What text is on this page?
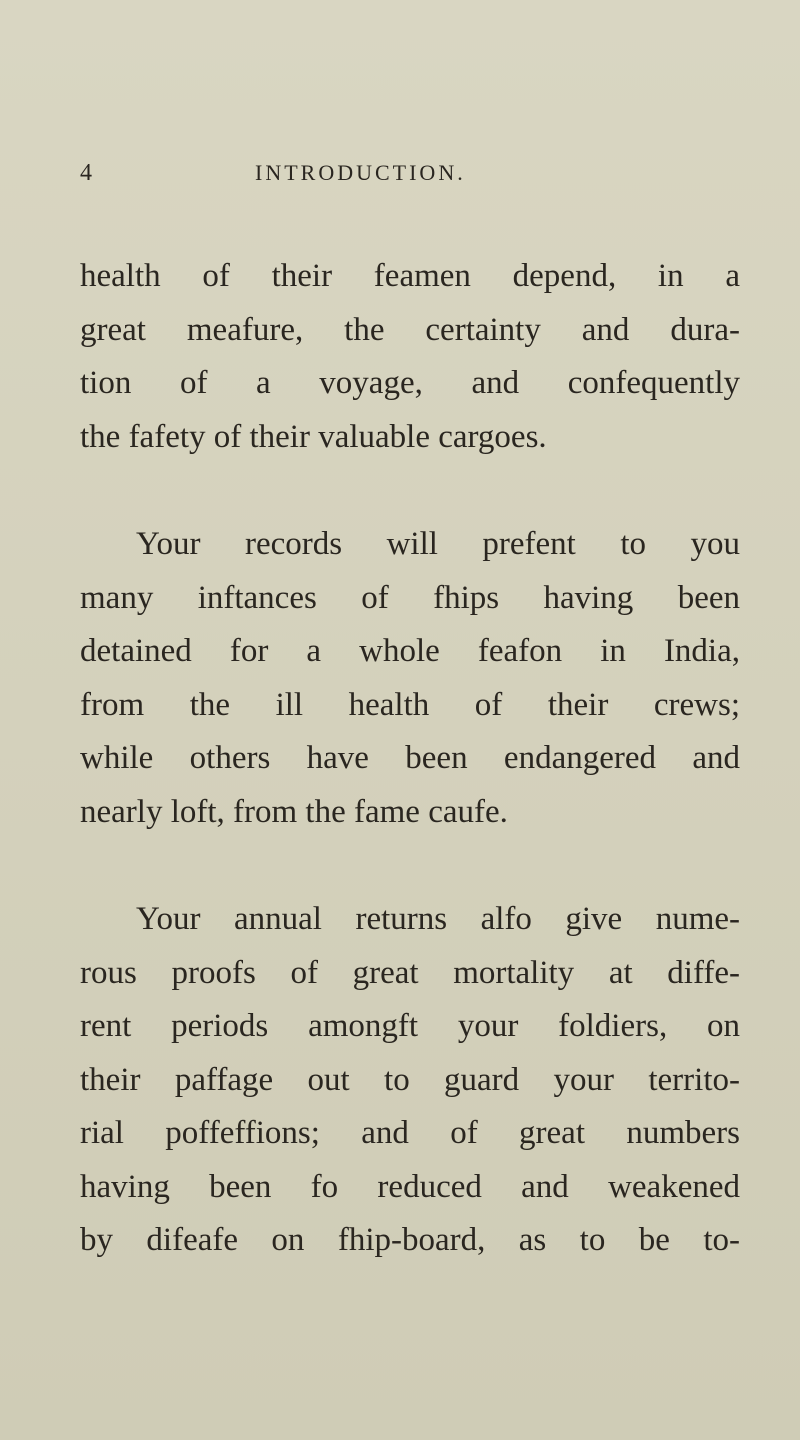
4	INTRODUCTION.
health of their feamen depend, in a
great meafure, the certainty and dura-
tion of a voyage, and confequently
the fafety of their valuable cargoes.
Your records will prefent to you
many inftances of fhips having been
detained for a whole feafon in India,
from the ill health of their crews;
while others have been endangered and
nearly loft, from the fame caufe.
Your annual returns alfo give nume-
rous proofs of great mortality at diffe-
rent periods amongft your foldiers, on
their paffage out to guard your territo-
rial poffeffions; and of great numbers
having been fo reduced and weakened
by difeafe on fhip-board, as to be to-
